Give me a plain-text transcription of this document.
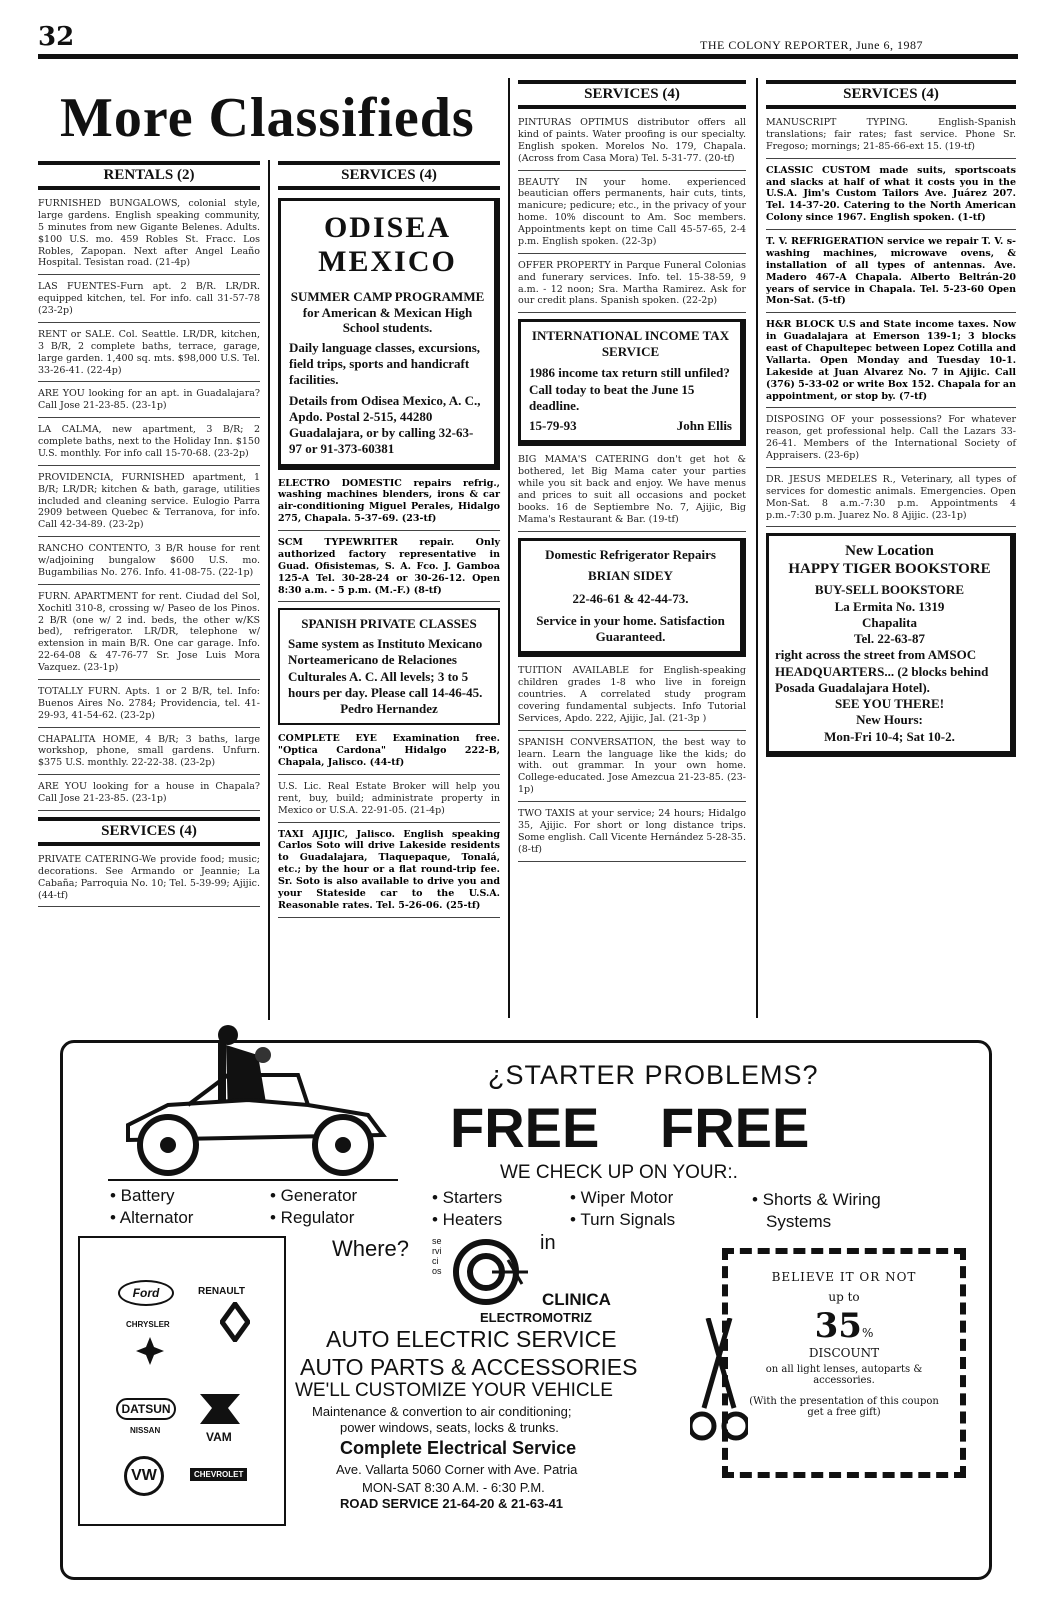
32	THE COLONY REPORTER, June 6, 1987
More Classifieds
RENTALS (2)
FURNISHED BUNGALOWS, colonial style, large gardens. English speaking community, 5 minutes from new Gigante Belenes. Adults. $100 U.S. mo. 459 Robles St. Fracc. Los Robles, Zapopan. Next after Angel Leaño Hospital. Tesistan road. (21-4p)
LAS FUENTES-Furn apt. 2 B/R. LR/DR. equipped kitchen, tel. For info. call 31-57-78 (23-2p)
RENT or SALE. Col. Seattle. LR/DR, kitchen, 3 B/R, 2 complete baths, terrace, garage, large garden. 1,400 sq. mts. $98,000 U.S. Tel. 33-26-41. (22-4p)
ARE YOU looking for an apt. in Guadalajara? Call Jose 21-23-85. (23-1p)
LA CALMA, new apartment, 3 B/R; 2 complete baths, next to the Holiday Inn. $150 U.S. monthly. For info call 15-70-68. (23-2p)
PROVIDENCIA, FURNISHED apartment, 1 B/R; LR/DR; kitchen & bath, garage, utilities included and cleaning service. Eulogio Parra 2909 between Quebec & Terranova, for info. Call 42-34-89. (23-2p)
RANCHO CONTENTO, 3 B/R house for rent w/adjoining bungalow $600 U.S. mo. Bugambilias No. 276. Info. 41-08-75. (22-1p)
FURN. APARTMENT for rent. Ciudad del Sol, Xochitl 310-8, crossing w/ Paseo de los Pinos. 2 B/R (one w/ 2 ind. beds, the other w/KS bed), refrigerator. LR/DR, telephone w/ extension in main B/R. One car garage. Info. 22-64-08 & 47-76-77 Sr. Jose Luis Mora Vazquez. (23-1p)
TOTALLY FURN. Apts. 1 or 2 B/R, tel. Info: Buenos Aires No. 2784; Providencia, tel. 41-29-93, 41-54-62. (23-2p)
CHAPALITA HOME, 4 B/R; 3 baths, large workshop, phone, small gardens. Unfurn. $375 U.S. monthly. 22-22-38. (23-2p)
ARE YOU looking for a house in Chapala? Call Jose 21-23-85. (23-1p)
SERVICES (4)
PRIVATE CATERING-We provide food; music; decorations. See Armando or Jeannie; La Cabaña; Parroquia No. 10; Tel. 5-39-99; Ajijic. (44-tf)
SERVICES (4)
ODISEA MEXICO
SUMMER CAMP PROGRAMME
for American & Mexican High School students.
Daily language classes, excursions, field trips, sports and handicraft facilities.
Details from Odisea Mexico, A. C., Apdo. Postal 2-515, 44280 Guadalajara, or by calling 32-63-97 or 91-373-60381
ELECTRO DOMESTIC repairs refrig., washing machines blenders, irons & car air-conditioning Miguel Perales, Hidalgo 275, Chapala. 5-37-69. (23-tf)
SCM TYPEWRITER repair. Only authorized factory representative in Guad. Ofisistemas, S. A. Fco. J. Gamboa 125-A Tel. 30-28-24 or 30-26-12. Open 8:30 a.m. - 5 p.m. (M.-F.) (8-tf)
SPANISH PRIVATE CLASSES
Same system as Instituto Mexicano Norteamericano de Relaciones Culturales A. C. All levels; 3 to 5 hours per day. Please call 14-46-45.
Pedro Hernandez
COMPLETE EYE Examination free. "Optica Cardona" Hidalgo 222-B, Chapala, Jalisco. (44-tf)
U.S. Lic. Real Estate Broker will help you rent, buy, build; administrate property in Mexico or U.S.A. 22-91-05. (21-4p)
TAXI AJIJIC, Jalisco. English speaking Carlos Soto will drive Lakeside residents to Guadalajara, Tlaquepaque, Tonalá, etc.; by the hour or a flat round-trip fee. Sr. Soto is also available to drive you and your Stateside car to the U.S.A. Reasonable rates. Tel. 5-26-06. (25-tf)
SERVICES (4)
PINTURAS OPTIMUS distributor offers all kind of paints. Water proofing is our specialty. English spoken. Morelos No. 179, Chapala. (Across from Casa Mora) Tel. 5-31-77. (20-tf)
BEAUTY IN your home. experienced beautician offers permanents, hair cuts, tints, manicure; pedicure; etc., in the privacy of your home. 10% discount to Am. Soc members. Appointments kept on time Call 45-57-65, 2-4 p.m. English spoken. (22-3p)
OFFER PROPERTY in Parque Funeral Colonias and funerary services. Info. tel. 15-38-59, 9 a.m. - 12 noon; Sra. Martha Ramirez. Ask for our credit plans. Spanish spoken. (22-2p)
INTERNATIONAL INCOME TAX SERVICE
1986 income tax return still unfiled? Call today to beat the June 15 deadline.
15-79-93	John Ellis
BIG MAMA'S CATERING don't get hot & bothered, let Big Mama cater your parties while you sit back and enjoy. We have menus and prices to suit all occasions and pocket books. 16 de Septiembre No. 7, Ajijic, Big Mama's Restaurant & Bar. (19-tf)
Domestic Refrigerator Repairs
BRIAN SIDEY
22-46-61 & 42-44-73.
Service in your home. Satisfaction Guaranteed.
TUITION AVAILABLE for English-speaking children grades 1-8 who live in foreign countries. A correlated study program covering fundamental subjects. Info Tutorial Services, Apdo. 222, Ajijic, Jal. (21-3p )
SPANISH CONVERSATION, the best way to learn. Learn the language like the kids; do with. out grammar. In your own home. College-educated. Jose Amezcua 21-23-85. (23-1p)
TWO TAXIS at your service; 24 hours; Hidalgo 35, Ajijic. For short or long distance trips. Some english. Call Vicente Hernández 5-28-35. (8-tf)
SERVICES (4)
MANUSCRIPT TYPING. English-Spanish translations; fair rates; fast service. Phone Sr. Fregoso; mornings; 21-85-66-ext 15. (19-tf)
CLASSIC CUSTOM made suits, sportscoats and slacks at half of what it costs you in the U.S.A. Jim's Custom Tailors Ave. Juárez 207. Tel. 14-37-20. Catering to the North American Colony since 1967. English spoken. (1-tf)
T. V. REFRIGERATION service we repair T. V. s-washing machines, microwave ovens, & installation of all types of antennas. Ave. Madero 467-A Chapala. Alberto Beltrán-20 years of service in Chapala. Tel. 5-23-60 Open Mon-Sat. (5-tf)
H&R BLOCK U.S and State income taxes. Now in Guadalajara at Emerson 139-1; 3 blocks east of Chapultepec between Lopez Cotilla and Vallarta. Open Monday and Tuesday 10-1. Lakeside at Juan Alvarez No. 7 in Ajijic. Call (376) 5-33-02 or write Box 152. Chapala for an appointment, or stop by. (7-tf)
DISPOSING OF your possessions? For whatever reason, get professional help. Call the Lazars 33-26-41. Members of the International Society of Appraisers. (23-6p)
DR. JESUS MEDELES R., Veterinary, all types of services for domestic animals. Emergencies. Open Mon-Sat. 8 a.m.-7:30 p.m. Appointments 4 p.m.-7:30 p.m. Juarez No. 8 Ajijic. (23-1p)
New Location
HAPPY TIGER BOOKSTORE
BUY-SELL BOOKSTORE
La Ermita No. 1319
Chapalita
Tel. 22-63-87
right across the street from AMSOC HEADQUARTERS... (2 blocks behind Posada Guadalajara Hotel).
SEE YOU THERE!
New Hours:
Mon-Fri 10-4; Sat 10-2.
¿STARTER PROBLEMS?
FREE FREE
WE CHECK UP ON YOUR:.
• Battery
• Alternator
• Generator
• Regulator
• Starters
• Heaters
• Wiper Motor
• Turn Signals
• Shorts & Wiring
Systems
Ford	RENAULT
CHRYSLER
DATSUN
NISSAN	VAM
VW	CHEVROLET
Where?	servicios
in
CLINICA
ELECTROMOTRIZ
AUTO ELECTRIC SERVICE
AUTO PARTS & ACCESSORIES
WE'LL CUSTOMIZE YOUR VEHICLE
Maintenance & convertion to air conditioning;
power windows, seats, locks & trunks.
Complete Electrical Service
Ave. Vallarta 5060 Corner with Ave. Patria
MON-SAT 8:30 A.M. - 6:30 P.M.
ROAD SERVICE 21-64-20 & 21-63-41
BELIEVE IT OR NOT
up to
35%
DISCOUNT
on all light lenses, autoparts & accessories.
(With the presentation of this coupon get a free gift)
